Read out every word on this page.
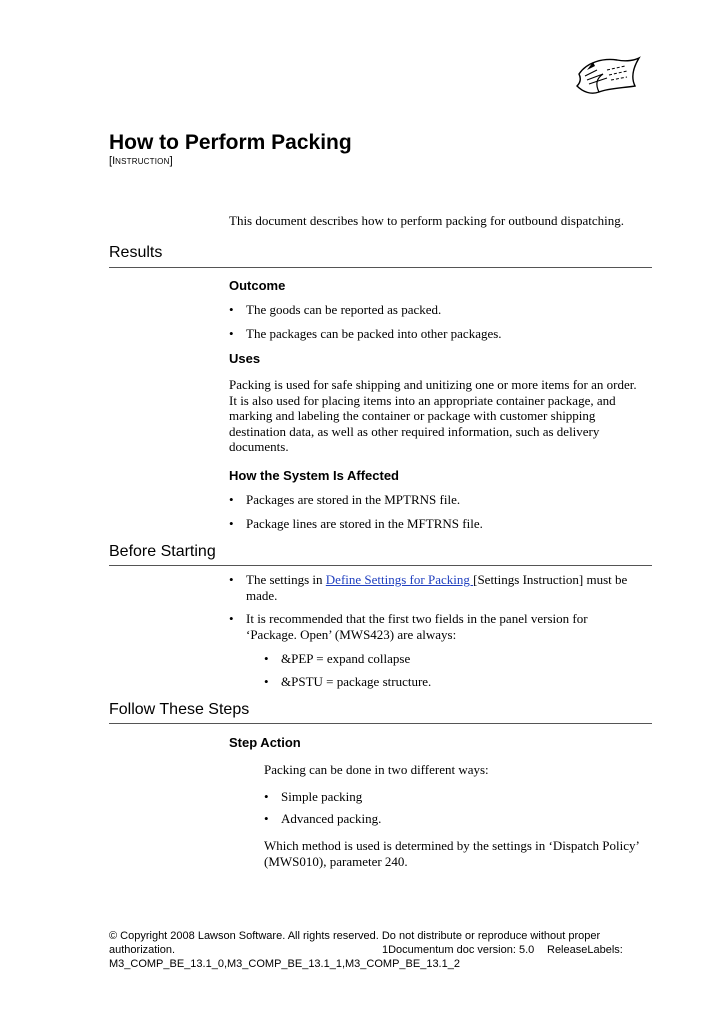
How to Perform Packing
[INSTRUCTION]
This document describes how to perform packing for outbound dispatching.
Results
Outcome
• The goods can be reported as packed.
• The packages can be packed into other packages.
Uses
Packing is used for safe shipping and unitizing one or more items for an order.
It is also used for placing items into an appropriate container package, and
marking and labeling the container or package with customer shipping
destination data, as well as other required information, such as delivery
documents.
How the System Is Affected
• Packages are stored in the MPTRNS file.
• Package lines are stored in the MFTRNS file.
Before Starting
• The settings in Define Settings for Packing [Settings Instruction] must be
made.
• It is recommended that the first two fields in the panel version for
‘Package. Open’ (MWS423) are always:
• &PEP = expand collapse
• &PSTU = package structure.
Follow These Steps
Step Action
Packing can be done in two different ways:
• Simple packing
• Advanced packing.
Which method is used is determined by the settings in ‘Dispatch Policy’
(MWS010), parameter 240.
© Copyright 2008 Lawson Software. All rights reserved. Do not distribute or reproduce without proper
authorization.	1Documentum doc version: 5.0	ReleaseLabels:
M3_COMP_BE_13.1_0,M3_COMP_BE_13.1_1,M3_COMP_BE_13.1_2
